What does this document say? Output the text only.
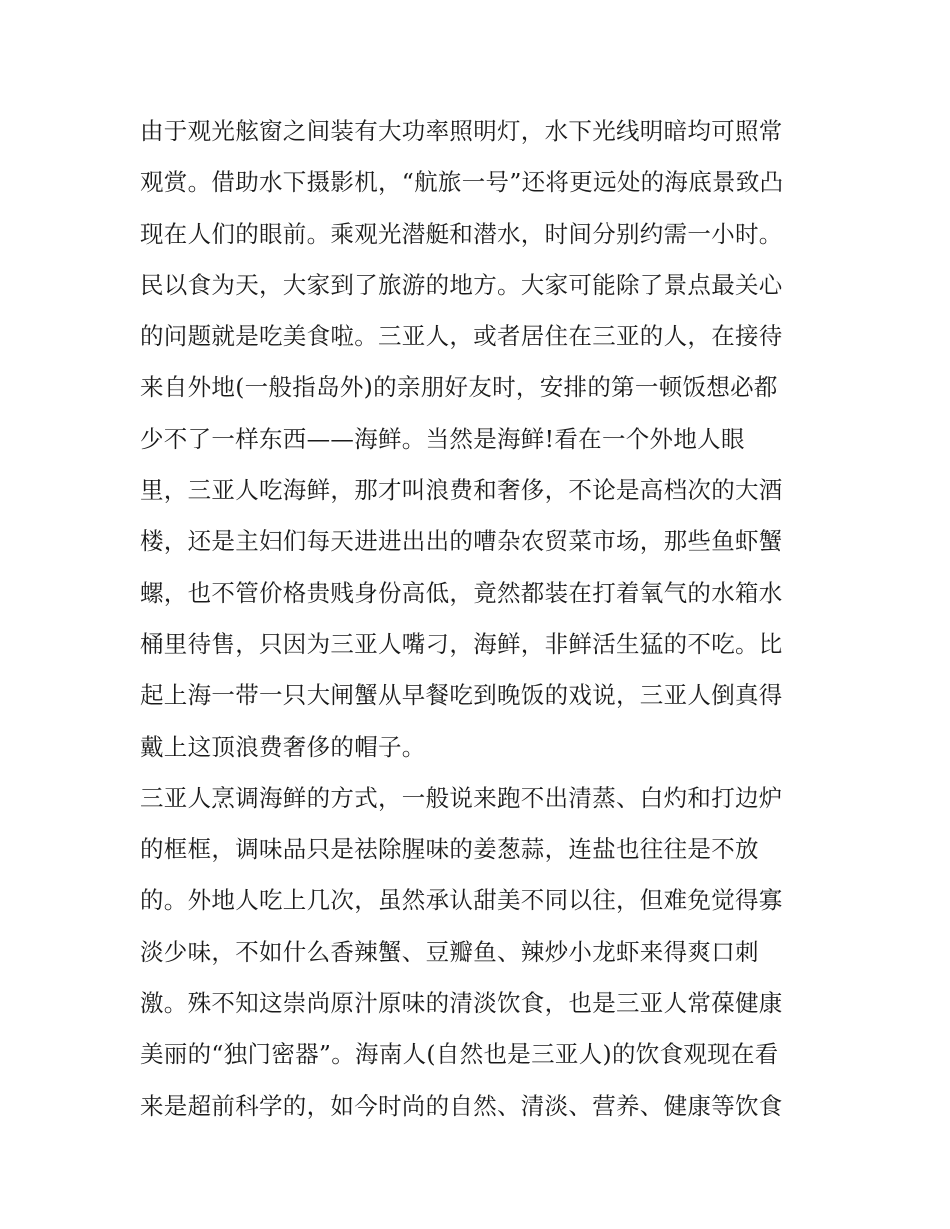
由于观光舷窗之间装有大功率照明灯，水下光线明暗均可照常
观赏。借助水下摄影机，“航旅一号”还将更远处的海底景致凸
现在人们的眼前。乘观光潜艇和潜水，时间分别约需一小时。
民以食为天，大家到了旅游的地方。大家可能除了景点最关心
的问题就是吃美食啦。三亚人，或者居住在三亚的人，在接待
来自外地(一般指岛外)的亲朋好友时，安排的第一顿饭想必都
少不了一样东西——海鲜。当然是海鲜!看在一个外地人眼
里，三亚人吃海鲜，那才叫浪费和奢侈，不论是高档次的大酒
楼，还是主妇们每天进进出出的嘈杂农贸菜市场，那些鱼虾蟹
螺，也不管价格贵贱身份高低，竟然都装在打着氧气的水箱水
桶里待售，只因为三亚人嘴刁，海鲜，非鲜活生猛的不吃。比
起上海一带一只大闸蟹从早餐吃到晚饭的戏说，三亚人倒真得
戴上这顶浪费奢侈的帽子。
三亚人烹调海鲜的方式，一般说来跑不出清蒸、白灼和打边炉
的框框，调味品只是祛除腥味的姜葱蒜，连盐也往往是不放
的。外地人吃上几次，虽然承认甜美不同以往，但难免觉得寡
淡少味，不如什么香辣蟹、豆瓣鱼、辣炒小龙虾来得爽口刺
激。殊不知这崇尚原汁原味的清淡饮食，也是三亚人常葆健康
美丽的“独门密器”。海南人(自然也是三亚人)的饮食观现在看
来是超前科学的，如今时尚的自然、清淡、营养、健康等饮食
